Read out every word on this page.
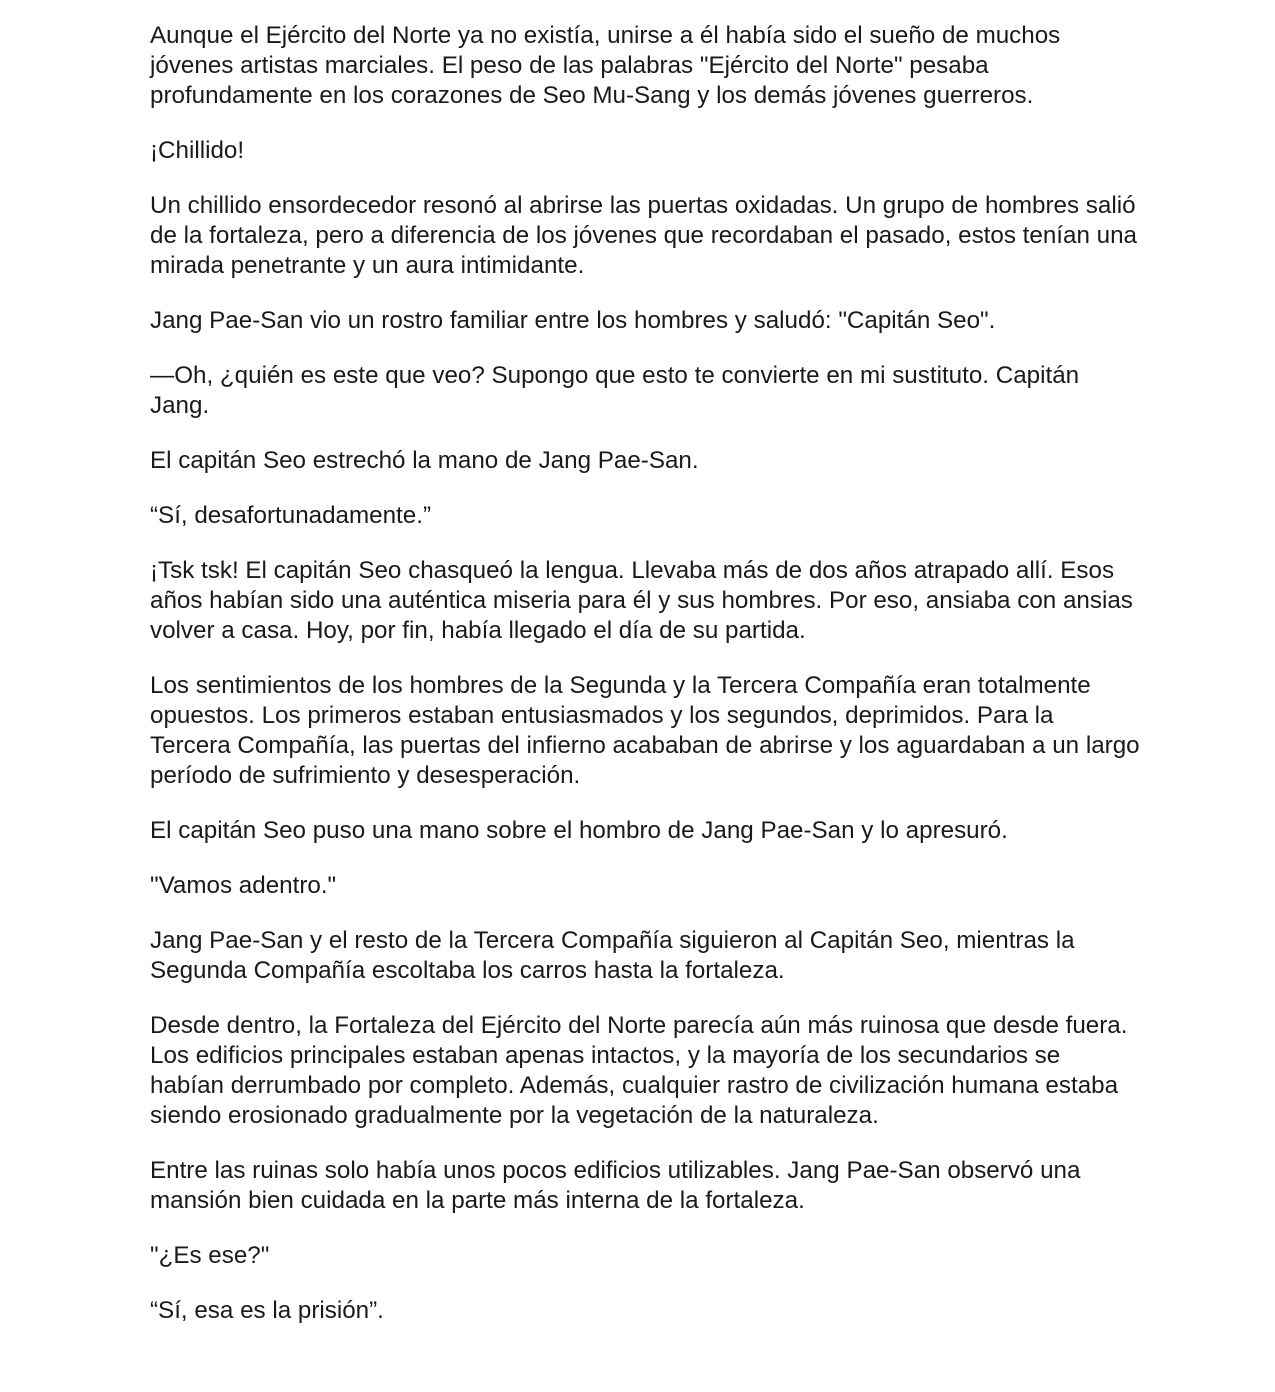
Aunque el Ejército del Norte ya no existía, unirse a él había sido el sueño de muchos jóvenes artistas marciales. El peso de las palabras "Ejército del Norte" pesaba profundamente en los corazones de Seo Mu-Sang y los demás jóvenes guerreros.

¡Chillido!

Un chillido ensordecedor resonó al abrirse las puertas oxidadas. Un grupo de hombres salió de la fortaleza, pero a diferencia de los jóvenes que recordaban el pasado, estos tenían una mirada penetrante y un aura intimidante.

Jang Pae-San vio un rostro familiar entre los hombres y saludó: "Capitán Seo".

—Oh, ¿quién es este que veo? Supongo que esto te convierte en mi sustituto. Capitán Jang.

El capitán Seo estrechó la mano de Jang Pae-San.

“Sí, desafortunadamente.”

¡Tsk tsk! El capitán Seo chasqueó la lengua. Llevaba más de dos años atrapado allí. Esos años habían sido una auténtica miseria para él y sus hombres. Por eso, ansiaba con ansias volver a casa. Hoy, por fin, había llegado el día de su partida.

Los sentimientos de los hombres de la Segunda y la Tercera Compañía eran totalmente opuestos. Los primeros estaban entusiasmados y los segundos, deprimidos. Para la Tercera Compañía, las puertas del infierno acababan de abrirse y los aguardaban a un largo período de sufrimiento y desesperación.

El capitán Seo puso una mano sobre el hombro de Jang Pae-San y lo apresuró.

"Vamos adentro."

Jang Pae-San y el resto de la Tercera Compañía siguieron al Capitán Seo, mientras la Segunda Compañía escoltaba los carros hasta la fortaleza.

Desde dentro, la Fortaleza del Ejército del Norte parecía aún más ruinosa que desde fuera. Los edificios principales estaban apenas intactos, y la mayoría de los secundarios se habían derrumbado por completo. Además, cualquier rastro de civilización humana estaba siendo erosionado gradualmente por la vegetación de la naturaleza.

Entre las ruinas solo había unos pocos edificios utilizables. Jang Pae-San observó una mansión bien cuidada en la parte más interna de la fortaleza.

"¿Es ese?"

“Sí, esa es la prisión”.
